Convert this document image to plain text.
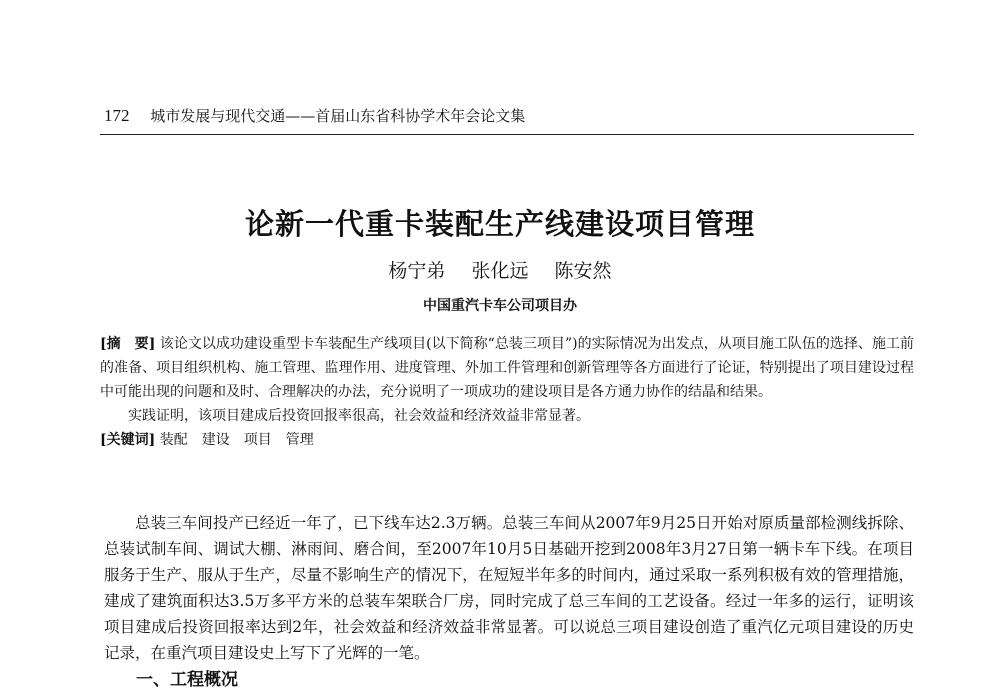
172 城市发展与现代交通——首届山东省科协学术年会论文集
论新一代重卡装配生产线建设项目管理
杨宁弟 张化远 陈安然
中国重汽卡车公司项目办

[摘　要] 该论文以成功建设重型卡车装配生产线项目(以下简称“总装三项目”)的实际情况为出发点，从项目施工队伍的选择、施工前的准备、项目组织机构、施工管理、监理作用、进度管理、外加工件管理和创新管理等各方面进行了论证，特别提出了项目建设过程中可能出现的问题和及时、合理解决的办法，充分说明了一项成功的建设项目是各方通力协作的结晶和结果。

实践证明，该项目建成后投资回报率很高，社会效益和经济效益非常显著。

[关键词] 装配　建设　项目　管理

总装三车间投产已经近一年了，已下线车达2.3万辆。总装三车间从2007年9月25日开始对原质量部检测线拆除、总装试制车间、调试大棚、淋雨间、磨合间，至2007年10月5日基础开挖到2008年3月27日第一辆卡车下线。在项目服务于生产、服从于生产，尽量不影响生产的情况下，在短短半年多的时间内，通过采取一系列积极有效的管理措施，建成了建筑面积达3.5万多平方米的总装车架联合厂房，同时完成了总三车间的工艺设备。经过一年多的运行，证明该项目建成后投资回报率达到2年，社会效益和经济效益非常显著。可以说总三项目建设创造了重汽亿元项目建设的历史记录，在重汽项目建设史上写下了光辉的一笔。

一、工程概况
